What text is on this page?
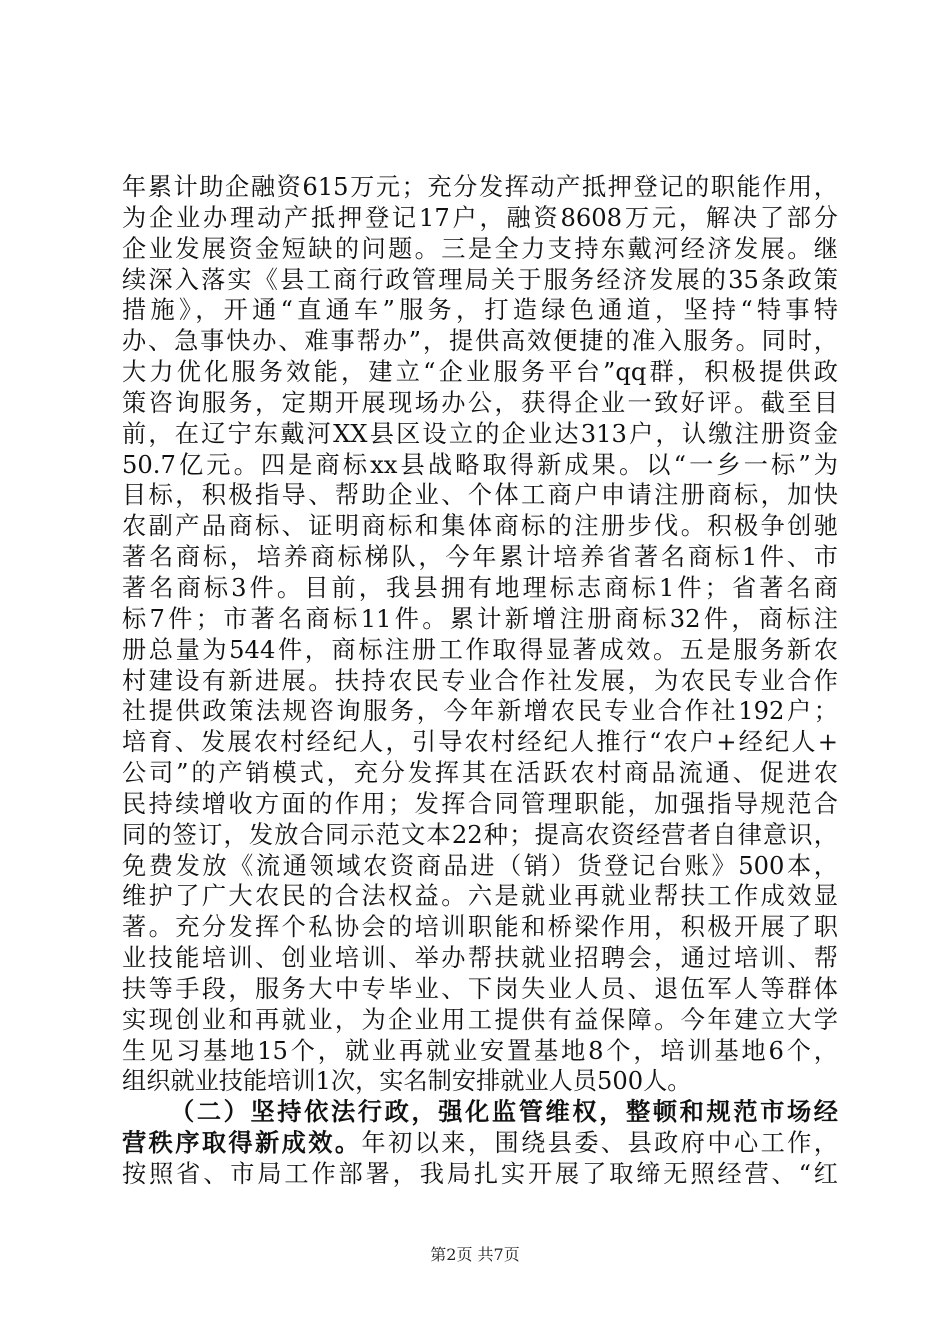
年累计助企融资615万元；充分发挥动产抵押登记的职能作用，
为企业办理动产抵押登记17户，融资8608万元，解决了部分
企业发展资金短缺的问题。三是全力支持东戴河经济发展。继
续深入落实《县工商行政管理局关于服务经济发展的35条政策
措施》，开通“直通车”服务，打造绿色通道，坚持“特事特
办、急事快办、难事帮办”，提供高效便捷的准入服务。同时，
大力优化服务效能，建立“企业服务平台”qq群，积极提供政
策咨询服务，定期开展现场办公，获得企业一致好评。截至目
前，在辽宁东戴河XX县区设立的企业达313户，认缴注册资金
50.7亿元。四是商标xx县战略取得新成果。以“一乡一标”为
目标，积极指导、帮助企业、个体工商户申请注册商标，加快
农副产品商标、证明商标和集体商标的注册步伐。积极争创驰
著名商标，培养商标梯队，今年累计培养省著名商标1件、市
著名商标3件。目前，我县拥有地理标志商标1件；省著名商
标7件；市著名商标11件。累计新增注册商标32件，商标注
册总量为544件，商标注册工作取得显著成效。五是服务新农
村建设有新进展。扶持农民专业合作社发展，为农民专业合作
社提供政策法规咨询服务，今年新增农民专业合作社192户；
培育、发展农村经纪人，引导农村经纪人推行“农户+经纪人+
公司”的产销模式，充分发挥其在活跃农村商品流通、促进农
民持续增收方面的作用；发挥合同管理职能，加强指导规范合
同的签订，发放合同示范文本22种；提高农资经营者自律意识，
免费发放《流通领域农资商品进（销）货登记台账》500本，
维护了广大农民的合法权益。六是就业再就业帮扶工作成效显
著。充分发挥个私协会的培训职能和桥梁作用，积极开展了职
业技能培训、创业培训、举办帮扶就业招聘会，通过培训、帮
扶等手段，服务大中专毕业、下岗失业人员、退伍军人等群体
实现创业和再就业，为企业用工提供有益保障。今年建立大学
生见习基地15个，就业再就业安置基地8个，培训基地6个，
组织就业技能培训1次，实名制安排就业人员500人。
（二）坚持依法行政，强化监管维权，整顿和规范市场经
营秩序取得新成效。年初以来，围绕县委、县政府中心工作，
按照省、市局工作部署，我局扎实开展了取缔无照经营、“红
第2页 共7页
